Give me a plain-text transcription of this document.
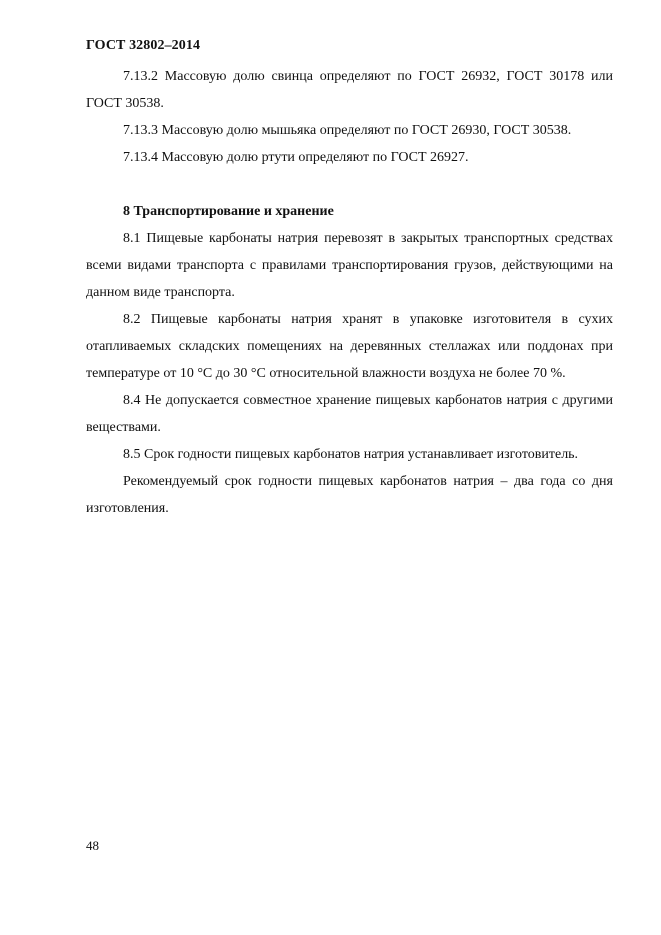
ГОСТ 32802–2014

7.13.2 Массовую долю свинца определяют по ГОСТ 26932, ГОСТ 30178 или ГОСТ 30538.

7.13.3 Массовую долю мышьяка определяют по ГОСТ 26930, ГОСТ 30538.

7.13.4 Массовую долю ртути определяют по ГОСТ 26927.

8 Транспортирование и хранение

8.1 Пищевые карбонаты натрия перевозят в закрытых транспортных средствах всеми видами транспорта с правилами транспортирования грузов, действующими на данном виде транспорта.

8.2 Пищевые карбонаты натрия хранят в упаковке изготовителя в сухих отапливаемых складских помещениях на деревянных стеллажах или поддонах при температуре от 10 °С до 30 °С относительной влажности воздуха не более 70 %.

8.4 Не допускается совместное хранение пищевых карбонатов натрия с другими веществами.

8.5 Срок годности пищевых карбонатов натрия устанавливает изготовитель.

Рекомендуемый срок годности пищевых карбонатов натрия – два года со дня изготовления.

48
